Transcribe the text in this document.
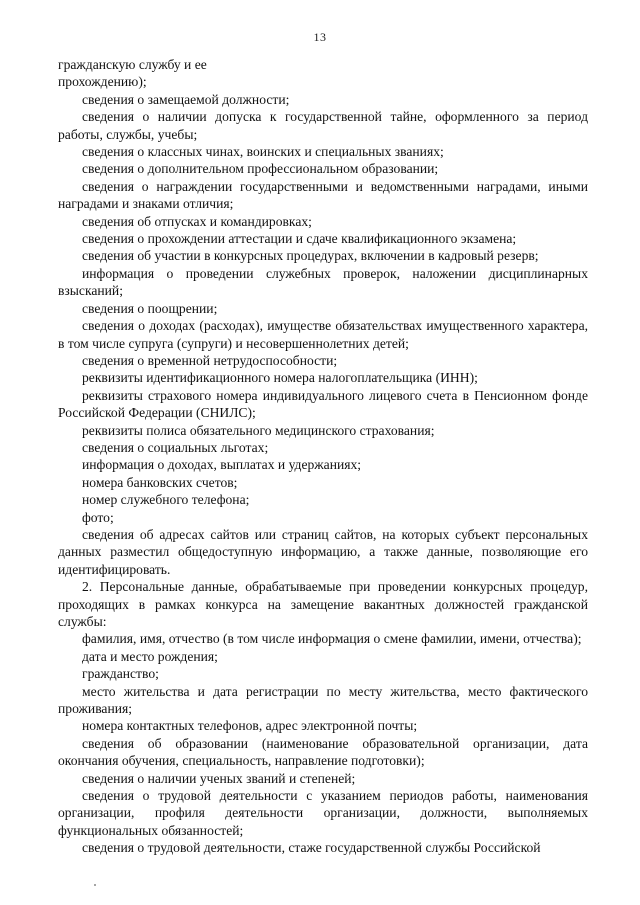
13

гражданскую службу и ее

прохождению);

сведения о замещаемой должности;

сведения о наличии допуска к государственной тайне, оформленного за период работы, службы, учебы;

сведения о классных чинах, воинских и специальных званиях;

сведения о дополнительном профессиональном образовании;

сведения о награждении государственными и ведомственными наградами, иными наградами и знаками отличия;

сведения об отпусках и командировках;

сведения о прохождении аттестации и сдаче квалификационного экзамена;

сведения об участии в конкурсных процедурах, включении в кадровый резерв;

информация о проведении служебных проверок, наложении дисциплинарных взысканий;

сведения о поощрении;

сведения о доходах (расходах), имуществе обязательствах имущественного характера, в том числе супруга (супруги) и несовершеннолетних детей;

сведения о временной нетрудоспособности;

реквизиты идентификационного номера налогоплательщика (ИНН);

реквизиты страхового номера индивидуального лицевого счета в Пенсионном фонде Российской Федерации (СНИЛС);

реквизиты полиса обязательного медицинского страхования;

сведения о социальных льготах;

информация о доходах, выплатах и удержаниях;

номера банковских счетов;

номер служебного телефона;

фото;

сведения об адресах сайтов или страниц сайтов, на которых субъект персональных данных разместил общедоступную информацию, а также данные, позволяющие его идентифицировать.

2. Персональные данные, обрабатываемые при проведении конкурсных процедур, проходящих в рамках конкурса на замещение вакантных должностей гражданской службы:

фамилия, имя, отчество (в том числе информация о смене фамилии, имени, отчества);

дата и место рождения;

гражданство;

место жительства и дата регистрации по месту жительства, место фактического проживания;

номера контактных телефонов, адрес электронной почты;

сведения об образовании (наименование образовательной организации, дата окончания обучения, специальность, направление подготовки);

сведения о наличии ученых званий и степеней;

сведения о трудовой деятельности с указанием периодов работы, наименования организации, профиля деятельности организации, должности, выполняемых функциональных обязанностей;

сведения о трудовой деятельности, стаже государственной службы Российской
